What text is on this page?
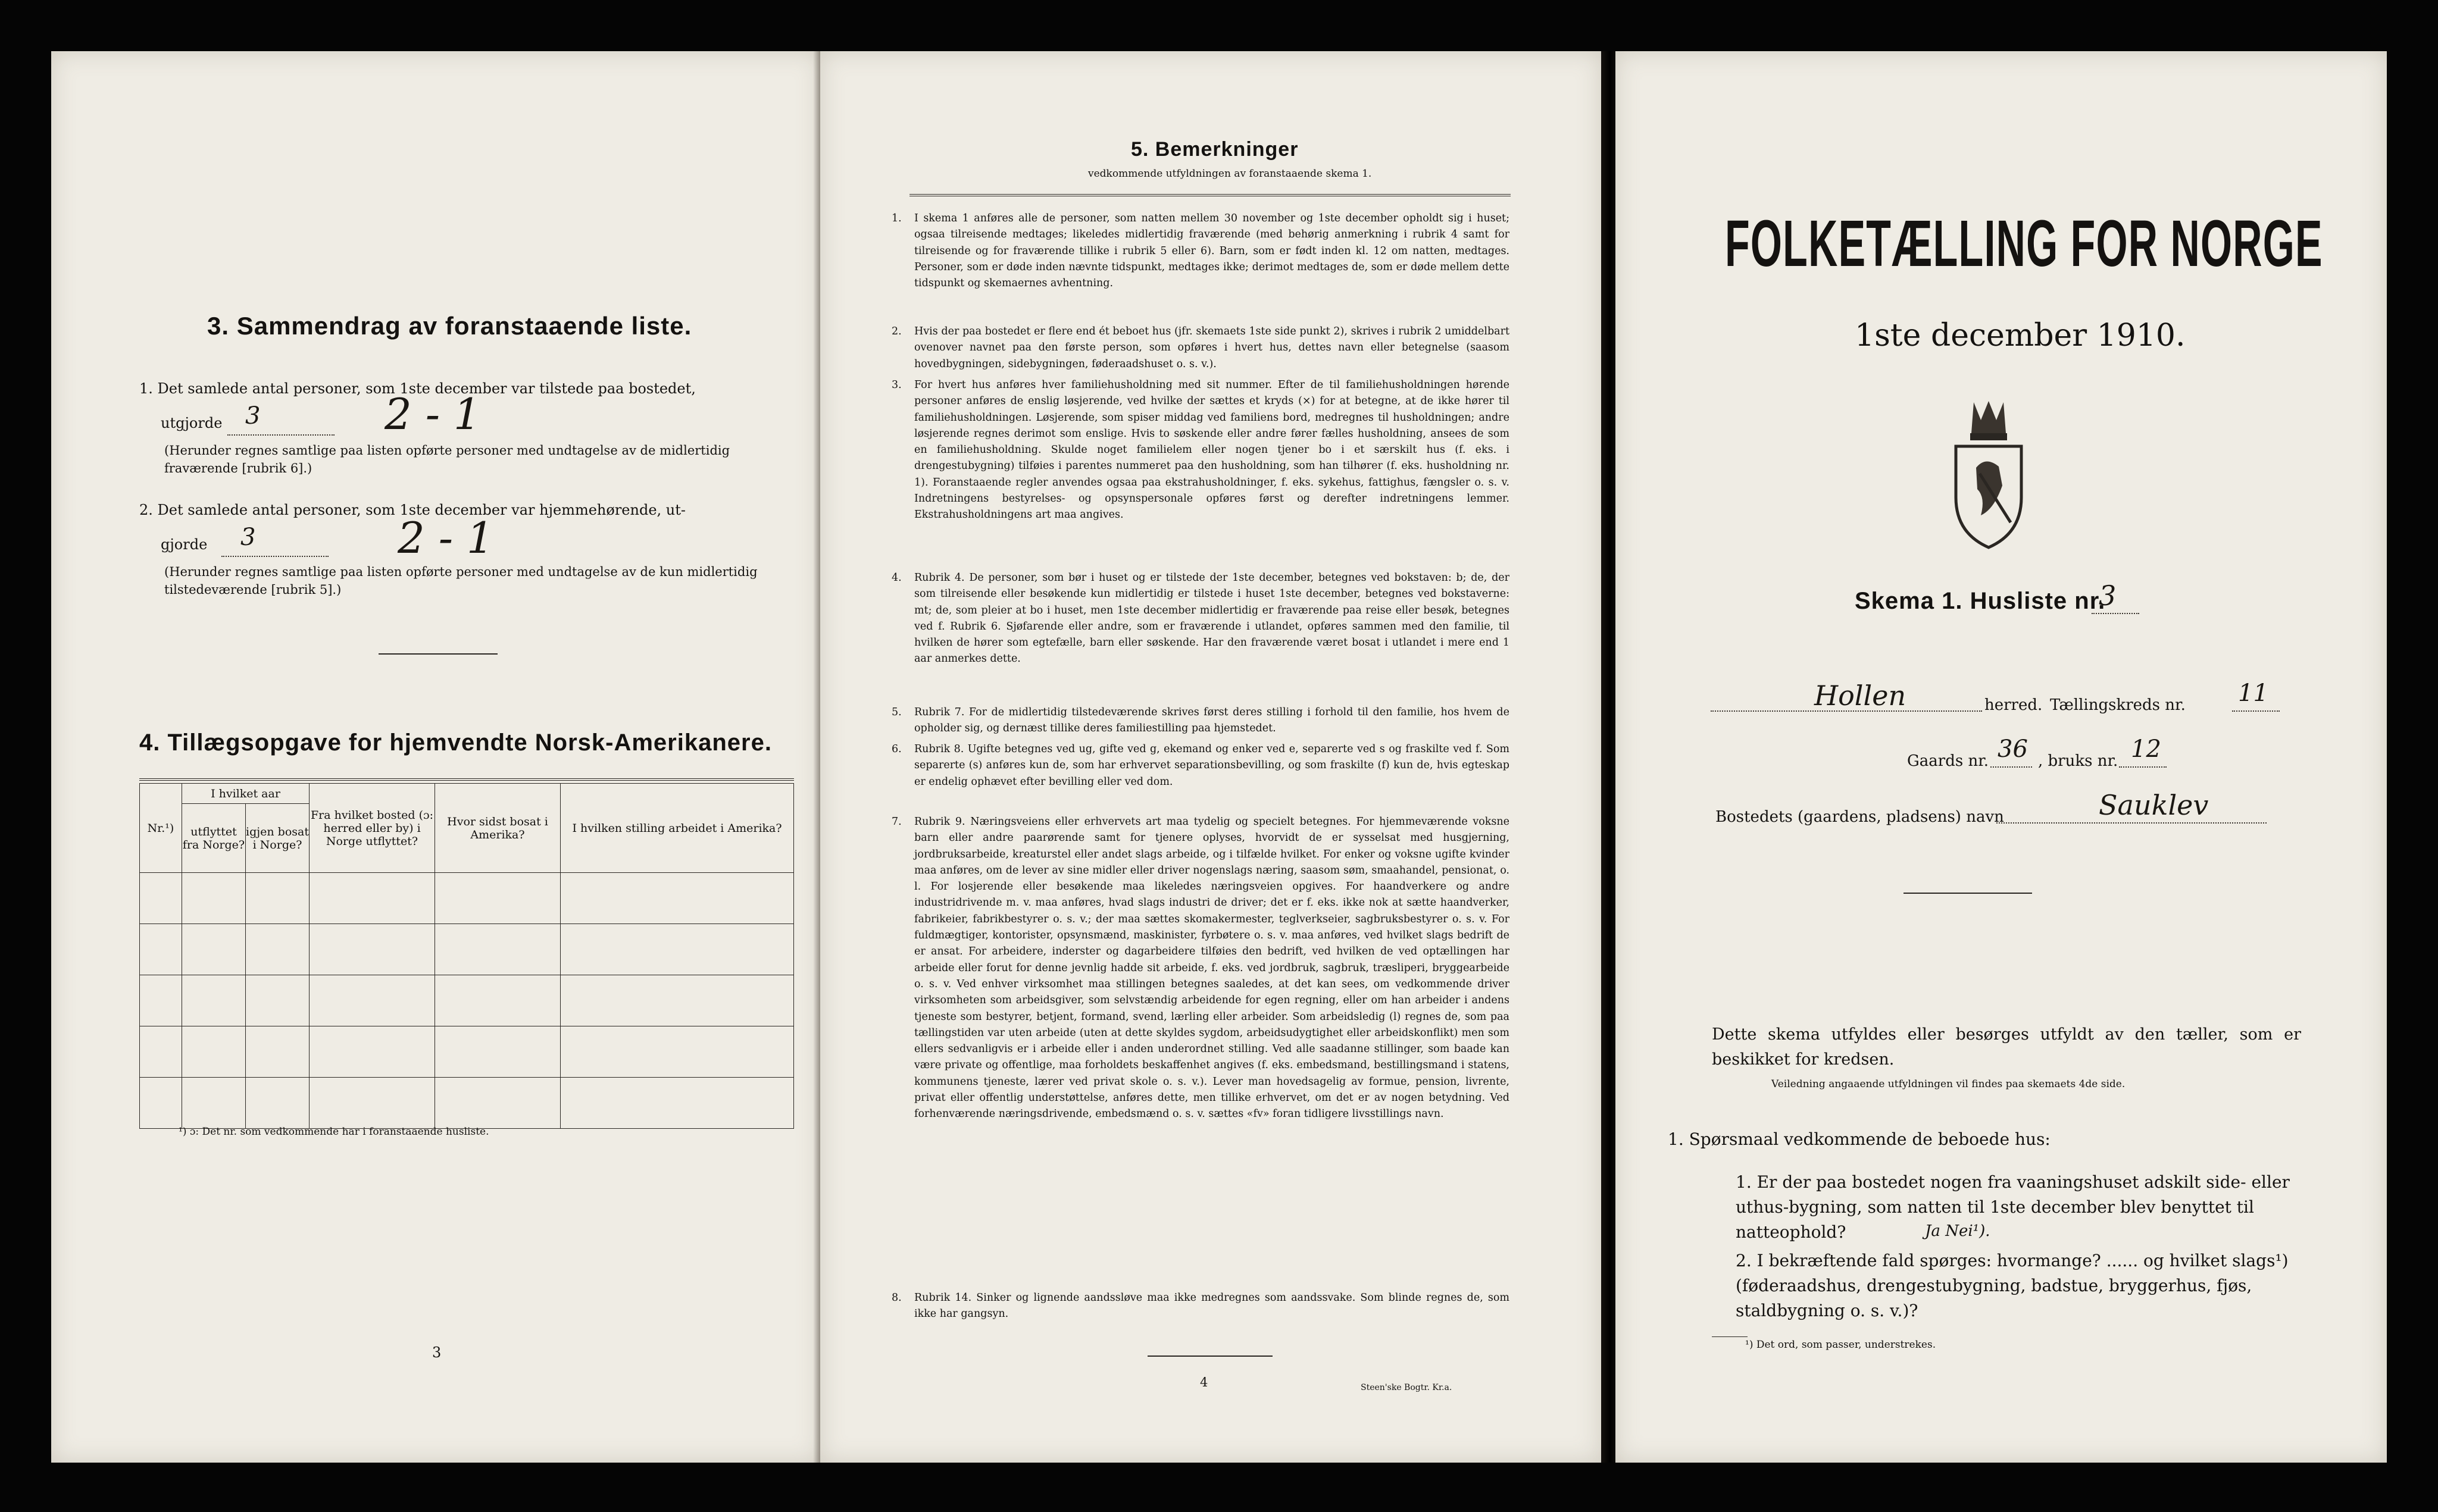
3. Sammendrag av foranstaaende liste.
1. Det samlede antal personer, som 1ste december var tilstede paa bostedet,
utgjorde 3	2 - 1
(Herunder regnes samtlige paa listen opførte personer med undtagelse av de midlertidig fraværende [rubrik 6].)
2. Det samlede antal personer, som 1ste december var hjemmehørende, ut-
gjorde 3	2 - 1
(Herunder regnes samtlige paa listen opførte personer med undtagelse av de kun midlertidig tilstedeværende [rubrik 5].)
4. Tillægsopgave for hjemvendte Norsk-Amerikanere.
Nr.¹)	I hvilket aar		Fra hvilket bosted (ɔ: herred eller by) i Norge utflyttet?	Hvor sidst bosat i Amerika?	I hvilken stilling arbeidet i Amerika?
	utflyttet fra Norge?	igjen bosat i Norge?			

¹) ɔ: Det nr. som vedkommende har i foranstaaende husliste.
3
5. Bemerkninger
vedkommende utfyldningen av foranstaaende skema 1.
1. I skema 1 anføres alle de personer, som natten mellem 30 november og 1ste december opholdt sig i huset; ogsaa tilreisende medtages; likeledes midlertidig fraværende (med behørig anmerkning i rubrik 4 samt for tilreisende og for fraværende tillike i rubrik 5 eller 6). Barn, som er født inden kl. 12 om natten, medtages. Personer, som er døde inden nævnte tidspunkt, medtages ikke; derimot medtages de, som er døde mellem dette tidspunkt og skemaernes avhentning.
2. Hvis der paa bostedet er flere end ét beboet hus (jfr. skemaets 1ste side punkt 2), skrives i rubrik 2 umiddelbart ovenover navnet paa den første person, som opføres i hvert hus, dettes navn eller betegnelse (saasom hovedbygningen, sidebygningen, føderaadshuset o. s. v.).
3. For hvert hus anføres hver familiehusholdning med sit nummer. Efter de til familiehusholdningen hørende personer anføres de enslig løsjerende, ved hvilke der sættes et kryds (×) for at betegne, at de ikke hører til familiehusholdningen. Løsjerende, som spiser middag ved familiens bord, medregnes til husholdningen; andre løsjerende regnes derimot som enslige. Hvis to søskende eller andre fører fælles husholdning, ansees de som en familiehusholdning. Skulde noget familielem eller nogen tjener bo i et særskilt hus (f. eks. i drengestubygning) tilføies i parentes nummeret paa den husholdning, som han tilhører (f. eks. husholdning nr. 1). Foranstaaende regler anvendes ogsaa paa ekstrahusholdninger, f. eks. sykehus, fattighus, fængsler o. s. v. Indretningens bestyrelses- og opsynspersonale opføres først og derefter indretningens lemmer. Ekstrahusholdningens art maa angives.
4. Rubrik 4. De personer, som bør i huset og er tilstede der 1ste december, betegnes ved bokstaven: b; de, der som tilreisende eller besøkende kun midlertidig er tilstede i huset 1ste december, betegnes ved bokstaverne: mt; de, som pleier at bo i huset, men 1ste december midlertidig er fraværende paa reise eller besøk, betegnes ved f. Rubrik 6. Sjøfarende eller andre, som er fraværende i utlandet, opføres sammen med den familie, til hvilken de hører som egtefælle, barn eller søskende. Har den fraværende været bosat i utlandet i mere end 1 aar anmerkes dette.
5. Rubrik 7. For de midlertidig tilstedeværende skrives først deres stilling i forhold til den familie, hos hvem de opholder sig, og dernæst tillike deres familiestilling paa hjemstedet.
6. Rubrik 8. Ugifte betegnes ved ug, gifte ved g, ekemand og enker ved e, separerte ved s og fraskilte ved f. Som separerte (s) anføres kun de, som har erhvervet separationsbevilling, og som fraskilte (f) kun de, hvis egteskap er endelig ophævet efter bevilling eller ved dom.
7. Rubrik 9. Næringsveiens eller erhvervets art maa tydelig og specielt betegnes. For hjemmeværende voksne barn eller andre paarørende samt for tjenere oplyses, hvorvidt de er sysselsat med husgjerning, jordbruksarbeide, kreaturstel eller andet slags arbeide, og i tilfælde hvilket. For enker og voksne ugifte kvinder maa anføres, om de lever av sine midler eller driver nogenslags næring, saasom søm, smaahandel, pensionat, o. l. For losjerende eller besøkende maa likeledes næringsveien opgives. For haandverkere og andre industridrivende m. v. maa anføres, hvad slags industri de driver; det er f. eks. ikke nok at sætte haandverker, fabrikeier, fabrikbestyrer o. s. v.; der maa sættes skomakermester, teglverkseier, sagbruksbestyrer o. s. v. For fuldmægtiger, kontorister, opsynsmænd, maskinister, fyrbøtere o. s. v. maa anføres, ved hvilket slags bedrift de er ansat. For arbeidere, inderster og dagarbeidere tilføies den bedrift, ved hvilken de ved optællingen har arbeide eller forut for denne jevnlig hadde sit arbeide, f. eks. ved jordbruk, sagbruk, træsliperi, bryggearbeide o. s. v. Ved enhver virksomhet maa stillingen betegnes saaledes, at det kan sees, om vedkommende driver virksomheten som arbeidsgiver, som selvstændig arbeidende for egen regning, eller om han arbeider i andens tjeneste som bestyrer, betjent, formand, svend, lærling eller arbeider. Som arbeidsledig (l) regnes de, som paa tællingstiden var uten arbeide (uten at dette skyldes sygdom, arbeidsudygtighet eller arbeidskonflikt) men som ellers sedvanligvis er i arbeide eller i anden underordnet stilling. Ved alle saadanne stillinger, som baade kan være private og offentlige, maa forholdets beskaffenhet angives (f. eks. embedsmand, bestillingsmand i statens, kommunens tjeneste, lærer ved privat skole o. s. v.). Lever man hovedsagelig av formue, pension, livrente, privat eller offentlig understøttelse, anføres dette, men tillike erhvervet, om det er av nogen betydning. Ved forhenværende næringsdrivende, embedsmænd o. s. v. sættes «fv» foran tidligere livsstillings navn.
8. Rubrik 14. Sinker og lignende aandssløve maa ikke medregnes som aandssvake. Som blinde regnes de, som ikke har gangsyn.
4	Steen'ske Bogtr. Kr.a.
FOLKETÆLLING FOR NORGE
1ste december 1910.
Skema 1. Husliste nr.
3
Hollen	herred. Tællingskreds nr. 11
Gaards nr. 36 , bruks nr. 12
Bostedets (gaardens, pladsens) navn	Sauklev
Dette skema utfyldes eller besørges utfyldt av den tæller, som er beskikket for kredsen.
Veiledning angaaende utfyldningen vil findes paa skemaets 4de side.
1. Spørsmaal vedkommende de beboede hus:
1. Er der paa bostedet nogen fra vaaningshuset adskilt side- eller uthus-bygning, som natten til 1ste december blev benyttet til natteophold?	Ja Nei¹).
2. I bekræftende fald spørges: hvormange? ...... og hvilket slags¹) (føderaadshus, drengestubygning, badstue, bryggerhus, fjøs, staldbygning o. s. v.)?
¹) Det ord, som passer, understrekes.
